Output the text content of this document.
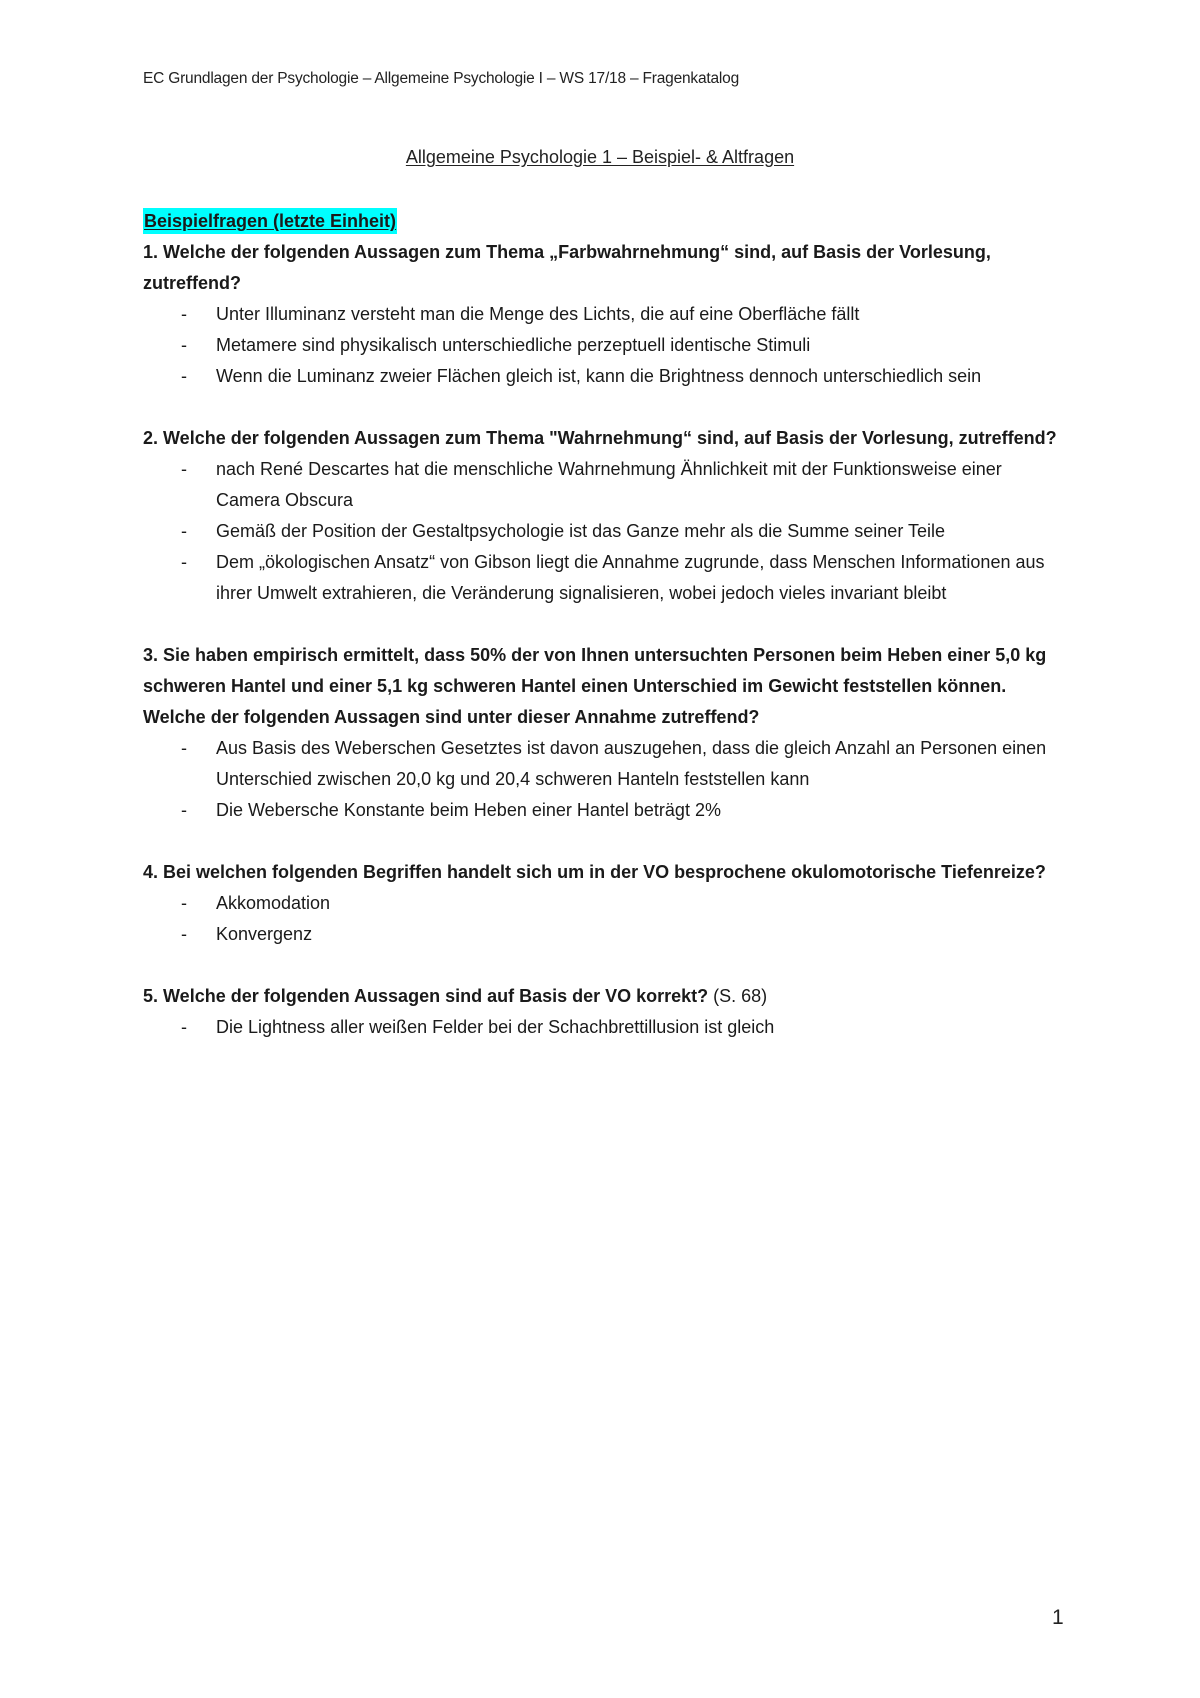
EC Grundlagen der Psychologie – Allgemeine Psychologie I – WS 17/18 – Fragenkatalog
Allgemeine Psychologie 1 – Beispiel- & Altfragen
Beispielfragen (letzte Einheit)
1. Welche der folgenden Aussagen zum Thema „Farbwahrnehmung“ sind, auf Basis der Vorlesung, zutreffend?
- Unter Illuminanz versteht man die Menge des Lichts, die auf eine Oberfläche fällt
- Metamere sind physikalisch unterschiedliche perzeptuell identische Stimuli
- Wenn die Luminanz zweier Flächen gleich ist, kann die Brightness dennoch unterschiedlich sein
2. Welche der folgenden Aussagen zum Thema "Wahrnehmung“ sind, auf Basis der Vorlesung, zutreffend?
- nach René Descartes hat die menschliche Wahrnehmung Ähnlichkeit mit der Funktionsweise einer Camera Obscura
- Gemäß der Position der Gestaltpsychologie ist das Ganze mehr als die Summe seiner Teile
- Dem „ökologischen Ansatz“ von Gibson liegt die Annahme zugrunde, dass Menschen Informationen aus ihrer Umwelt extrahieren, die Veränderung signalisieren, wobei jedoch vieles invariant bleibt
3. Sie haben empirisch ermittelt, dass 50% der von Ihnen untersuchten Personen beim Heben einer 5,0 kg schweren Hantel und einer 5,1 kg schweren Hantel einen Unterschied im Gewicht feststellen können. Welche der folgenden Aussagen sind unter dieser Annahme zutreffend?
- Aus Basis des Weberschen Gesetztes ist davon auszugehen, dass die gleich Anzahl an Personen einen Unterschied zwischen 20,0 kg und 20,4 schweren Hanteln feststellen kann
- Die Webersche Konstante beim Heben einer Hantel beträgt 2%
4. Bei welchen folgenden Begriffen handelt sich um in der VO besprochene okulomotorische Tiefenreize?
- Akkomodation
- Konvergenz
5. Welche der folgenden Aussagen sind auf Basis der VO korrekt? (S. 68)
- Die Lightness aller weißen Felder bei der Schachbrettillusion ist gleich
1
